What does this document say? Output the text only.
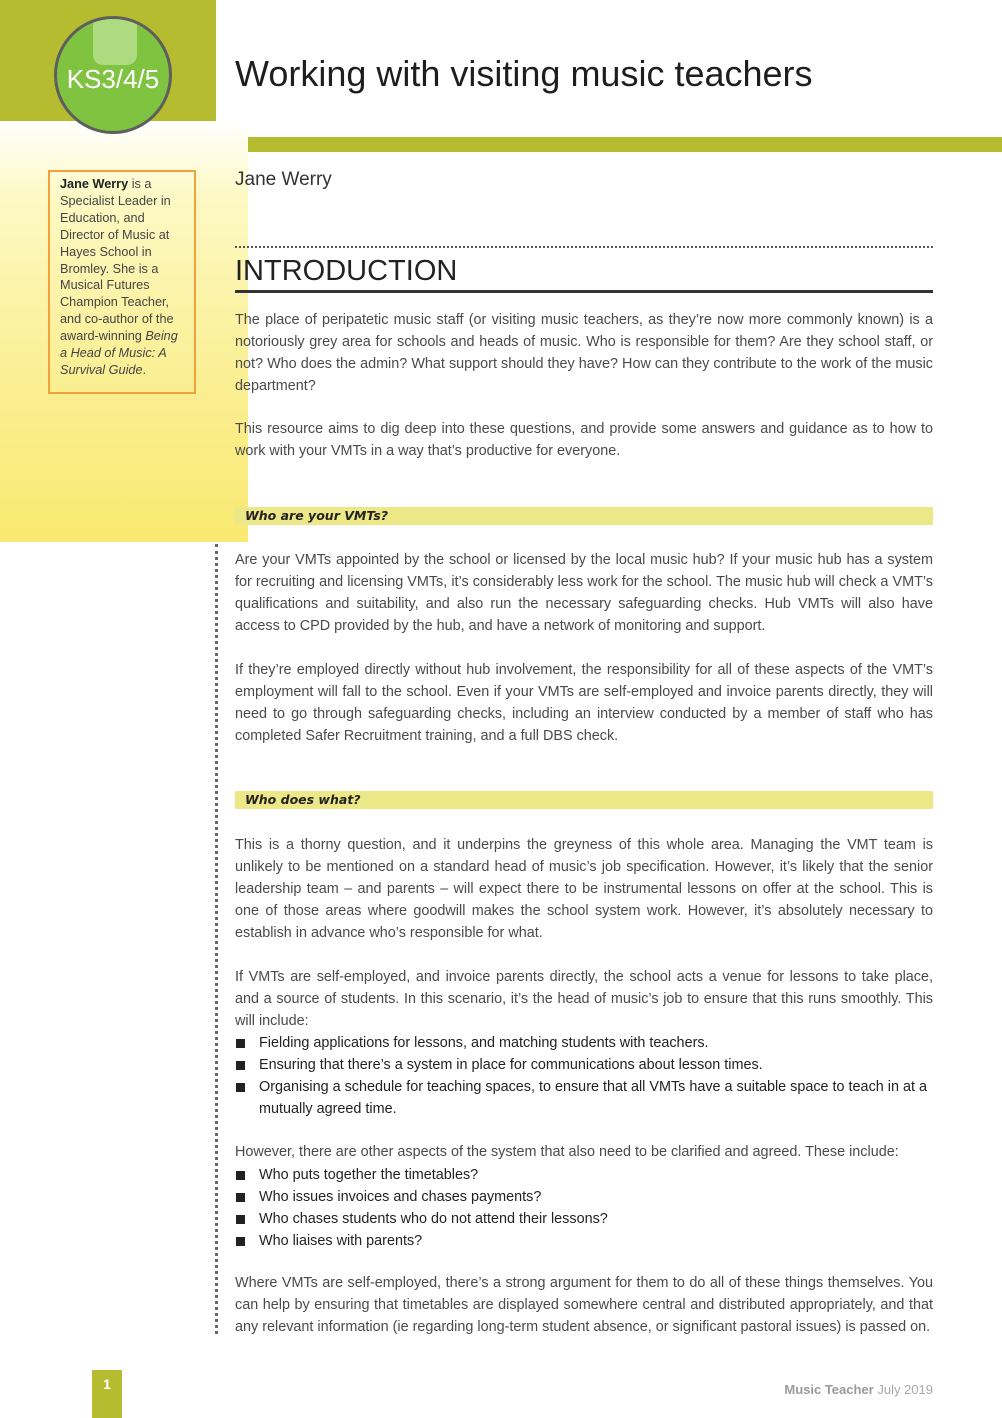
KS3/4/5 Working with visiting music teachers
Jane Werry is a Specialist Leader in Education, and Director of Music at Hayes School in Bromley. She is a Musical Futures Champion Teacher, and co-author of the award-winning Being a Head of Music: A Survival Guide.
Jane Werry
INTRODUCTION
The place of peripatetic music staff (or visiting music teachers, as they’re now more commonly known) is a notoriously grey area for schools and heads of music. Who is responsible for them? Are they school staff, or not? Who does the admin? What support should they have? How can they contribute to the work of the music department?
This resource aims to dig deep into these questions, and provide some answers and guidance as to how to work with your VMTs in a way that’s productive for everyone.
Who are your VMTs?
Are your VMTs appointed by the school or licensed by the local music hub? If your music hub has a system for recruiting and licensing VMTs, it’s considerably less work for the school. The music hub will check a VMT’s qualifications and suitability, and also run the necessary safeguarding checks. Hub VMTs will also have access to CPD provided by the hub, and have a network of monitoring and support.
If they’re employed directly without hub involvement, the responsibility for all of these aspects of the VMT’s employment will fall to the school. Even if your VMTs are self-employed and invoice parents directly, they will need to go through safeguarding checks, including an interview conducted by a member of staff who has completed Safer Recruitment training, and a full DBS check.
Who does what?
This is a thorny question, and it underpins the greyness of this whole area. Managing the VMT team is unlikely to be mentioned on a standard head of music’s job specification. However, it’s likely that the senior leadership team – and parents – will expect there to be instrumental lessons on offer at the school. This is one of those areas where goodwill makes the school system work. However, it’s absolutely necessary to establish in advance who’s responsible for what.
If VMTs are self-employed, and invoice parents directly, the school acts a venue for lessons to take place, and a source of students. In this scenario, it’s the head of music’s job to ensure that this runs smoothly. This will include:
Fielding applications for lessons, and matching students with teachers.
Ensuring that there’s a system in place for communications about lesson times.
Organising a schedule for teaching spaces, to ensure that all VMTs have a suitable space to teach in at a mutually agreed time.
However, there are other aspects of the system that also need to be clarified and agreed. These include:
Who puts together the timetables?
Who issues invoices and chases payments?
Who chases students who do not attend their lessons?
Who liaises with parents?
Where VMTs are self-employed, there’s a strong argument for them to do all of these things themselves. You can help by ensuring that timetables are displayed somewhere central and distributed appropriately, and that any relevant information (ie regarding long-term student absence, or significant pastoral issues) is passed on.
1	Music Teacher July 2019
